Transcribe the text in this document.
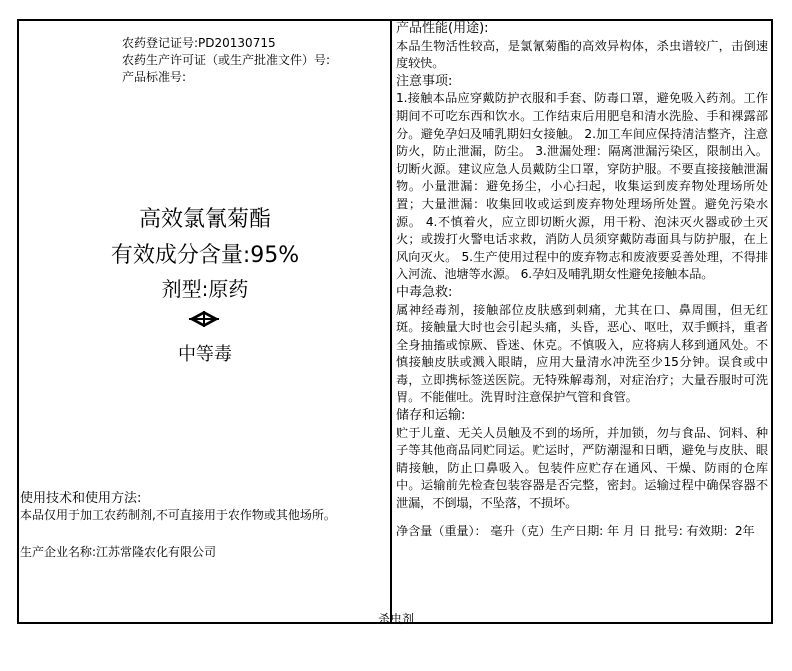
农药登记证号:PD20130715
农药生产许可证（或生产批准文件）号:
产品标准号:
高效氯氰菊酯
有效成分含量:95%
剂型:原药
中等毒
使用技术和使用方法:
本品仅用于加工农药制剂,不可直接用于农作物或其他场所。
生产企业名称:江苏常隆农化有限公司
产品性能(用途):
本品生物活性较高，是氯氰菊酯的高效异构体，杀虫谱较广，击倒速度较快。
注意事项:
1.接触本品应穿戴防护衣服和手套、防毒口罩，避免吸入药剂。工作期间不可吃东西和饮水。工作结束后用肥皂和清水洗脸、手和裸露部分。避免孕妇及哺乳期妇女接触。 2.加工车间应保持清洁整齐，注意防火，防止泄漏，防尘。 3.泄漏处理：隔离泄漏污染区，限制出入。切断火源。建议应急人员戴防尘口罩，穿防护服。不要直接接触泄漏物。小量泄漏：避免扬尘，小心扫起，收集运到废弃物处理场所处置；大量泄漏：收集回收或运到废弃物处理场所处置。避免污染水源。 4.不慎着火，应立即切断火源，用干粉、泡沫灭火器或砂土灭火；或拨打火警电话求救，消防人员须穿戴防毒面具与防护服，在上风向灭火。 5.生产使用过程中的废弃物志和废液要妥善处理，不得排入河流、池塘等水源。 6.孕妇及哺乳期女性避免接触本品。
中毒急救:
属神经毒剂，接触部位皮肤感到刺痛，尤其在口、鼻周围，但无红斑。接触量大时也会引起头痛，头昏，恶心、呕吐，双手颤抖，重者全身抽搐或惊厥、昏迷、休克。不慎吸入，应将病人移到通风处。不慎接触皮肤或溅入眼睛，应用大量清水冲洗至少15分钟。误食或中毒，立即携标签送医院。无特殊解毒剂，对症治疗；大量吞服时可洗胃。不能催吐。洗胃时注意保护气管和食管。
储存和运输:
贮于儿童、无关人员触及不到的场所，并加锁，勿与食品、饲料、种子等其他商品同贮同运。贮运时，严防潮湿和日晒，避免与皮肤、眼睛接触，防止口鼻吸入。包装件应贮存在通风、干燥、防雨的仓库中。运输前先检查包装容器是否完整，密封。运输过程中确保容器不泄漏，不倒塌，不坠落，不损坏。
净含量（重量）： 毫升（克）生产日期: 年 月 日 批号: 有效期：2年
杀虫剂
